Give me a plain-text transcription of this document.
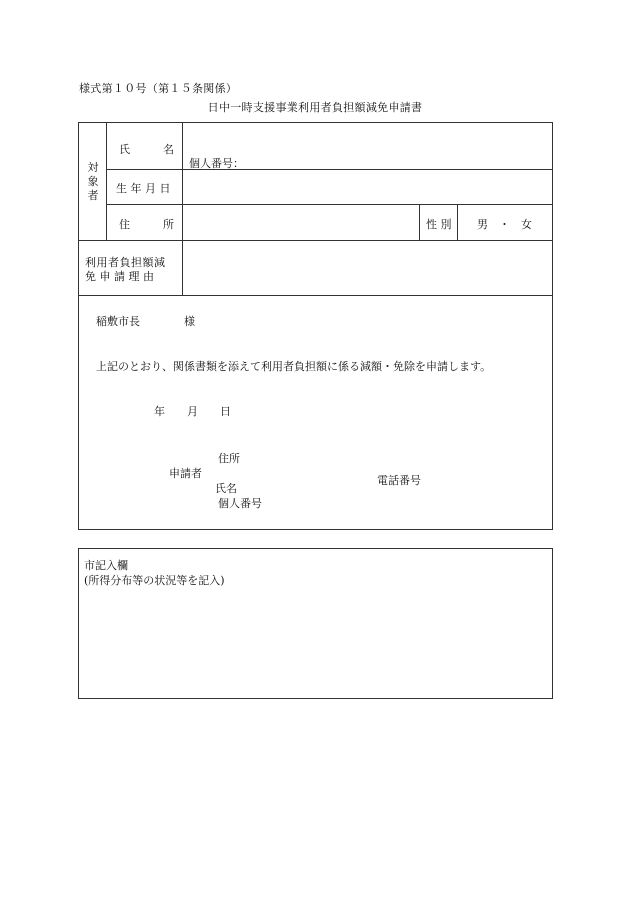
様式第１０号（第１５条関係）
日中一時支援事業利用者負担額減免申請書
対
象
者
氏　　　名
個人番号：
生 年 月 日
住　　　所	性 別 男　・　女
利用者負担額減
免 申 請 理 由
稲敷市長　　　　様
上記のとおり、関係書類を添えて利用者負担額に係る減額・免除を申請します。
年　　月　　日
住所
申請者
氏名
個人番号
電話番号
市記入欄
(所得分布等の状況等を記入)
